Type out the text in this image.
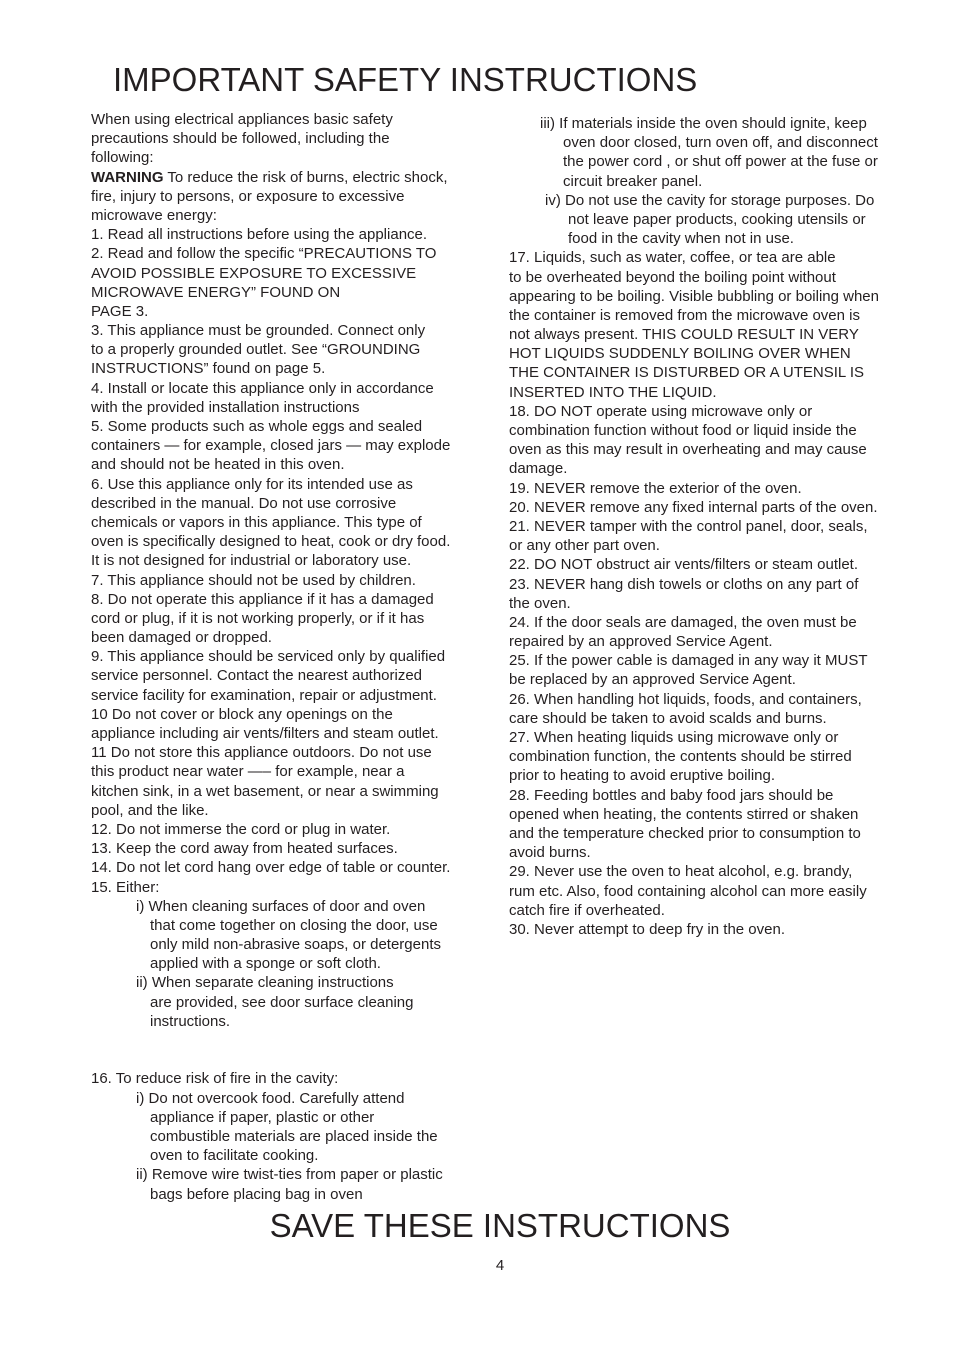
IMPORTANT SAFETY INSTRUCTIONS
When using electrical appliances basic safety
precautions should be followed, including the
following:
WARNING To reduce the risk of burns, electric shock,
fire, injury to persons, or exposure to excessive
microwave energy:
1. Read all instructions before using the appliance.
2. Read and follow the specific “PRECAUTIONS TO
AVOID POSSIBLE EXPOSURE TO EXCESSIVE
MICROWAVE ENERGY” FOUND ON
PAGE 3.
3. This appliance must be grounded. Connect only
to a properly grounded outlet. See “GROUNDING
INSTRUCTIONS” found on page 5.
4. Install or locate this appliance only in accordance
with the provided installation instructions
5. Some products such as whole eggs and sealed
containers — for example, closed jars — may explode
and should not be heated in this oven.
6. Use this appliance only for its intended use as
described in the manual. Do not use corrosive
chemicals or vapors in this appliance. This type of
oven is specifically designed to heat, cook or dry food.
It is not designed for industrial or laboratory use.
7. This appliance should not be used by children.
8. Do not operate this appliance if it has a damaged
cord or plug, if it is not working properly, or if it has
been damaged or dropped.
9. This appliance should be serviced only by qualified
service personnel. Contact the nearest authorized
service facility for examination, repair or adjustment.
10 Do not cover or block any openings on the
appliance including air vents/filters and steam outlet.
11 Do not store this appliance outdoors. Do not use
this product near water —– for example, near a
kitchen sink, in a wet basement, or near a swimming
pool, and the like.
12. Do not immerse the cord or plug in water.
13. Keep the cord away from heated surfaces.
14. Do not let cord hang over edge of table or counter.
15. Either:
i) When cleaning surfaces of door and oven
that come together on closing the door, use
only mild non-abrasive soaps, or detergents
applied with a sponge or soft cloth.
ii) When separate cleaning instructions
are provided, see door surface cleaning
instructions.
16. To reduce risk of fire in the cavity:
i) Do not overcook food. Carefully attend
appliance if paper, plastic or other
combustible materials are placed inside the
oven to facilitate cooking.
ii) Remove wire twist-ties from paper or plastic
bags before placing bag in oven
iii) If materials inside the oven should ignite, keep
oven door closed, turn oven off, and disconnect
the power cord , or shut off power at the fuse or
circuit breaker panel.
iv) Do not use the cavity for storage purposes. Do
not leave paper products, cooking utensils or
food in the cavity when not in use.
17. Liquids, such as water, coffee, or tea are able
to be overheated beyond the boiling point without
appearing to be boiling. Visible bubbling or boiling when
the container is removed from the microwave oven is
not always present. THIS COULD RESULT IN VERY
HOT LIQUIDS SUDDENLY BOILING OVER WHEN
THE CONTAINER IS DISTURBED OR A UTENSIL IS
INSERTED INTO THE LIQUID.
18. DO NOT operate using microwave only or
combination function without food or liquid inside the
oven as this may result in overheating and may cause
damage.
19. NEVER remove the exterior of the oven.
20. NEVER remove any fixed internal parts of the oven.
21. NEVER tamper with the control panel, door, seals,
or any other part oven.
22. DO NOT obstruct air vents/filters or steam outlet.
23. NEVER hang dish towels or cloths on any part of
the oven.
24. If the door seals are damaged, the oven must be
repaired by an approved Service Agent.
25. If the power cable is damaged in any way it MUST
be replaced by an approved Service Agent.
26. When handling hot liquids, foods, and containers,
care should be taken to avoid scalds and burns.
27. When heating liquids using microwave only or
combination function, the contents should be stirred
prior to heating to avoid eruptive boiling.
28. Feeding bottles and baby food jars should be
opened when heating, the contents stirred or shaken
and the temperature checked prior to consumption to
avoid burns.
29. Never use the oven to heat alcohol, e.g. brandy,
rum etc. Also, food containing alcohol can more easily
catch fire if overheated.
30. Never attempt to deep fry in the oven.
SAVE THESE INSTRUCTIONS
4
